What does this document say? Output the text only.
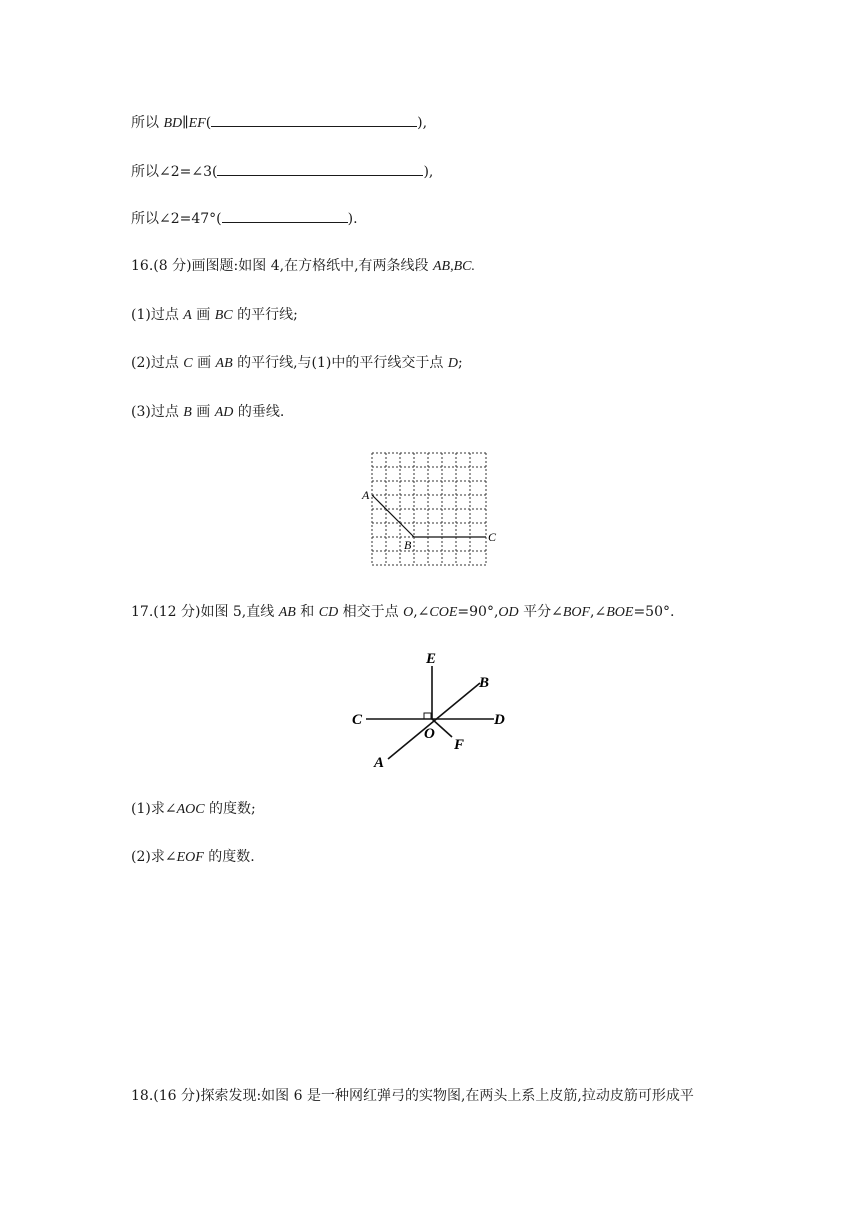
所以 BD∥EF(	),
所以∠2=∠3(	),
所以∠2=47°(	).
16.(8 分)画图题:如图 4,在方格纸中,有两条线段 AB,BC.
(1)过点 A 画 BC 的平行线;
(2)过点 C 画 AB 的平行线,与(1)中的平行线交于点 D;
(3)过点 B 画 AD 的垂线.
A
B
C
17.(12 分)如图 5,直线 AB 和 CD 相交于点 O,∠COE=90°,OD 平分∠BOF,∠BOE=50°.
E
B
C	D
O
F
A
(1)求∠AOC 的度数;
(2)求∠EOF 的度数.
18.(16 分)探索发现:如图 6 是一种网红弹弓的实物图,在两头上系上皮筋,拉动皮筋可形成平
